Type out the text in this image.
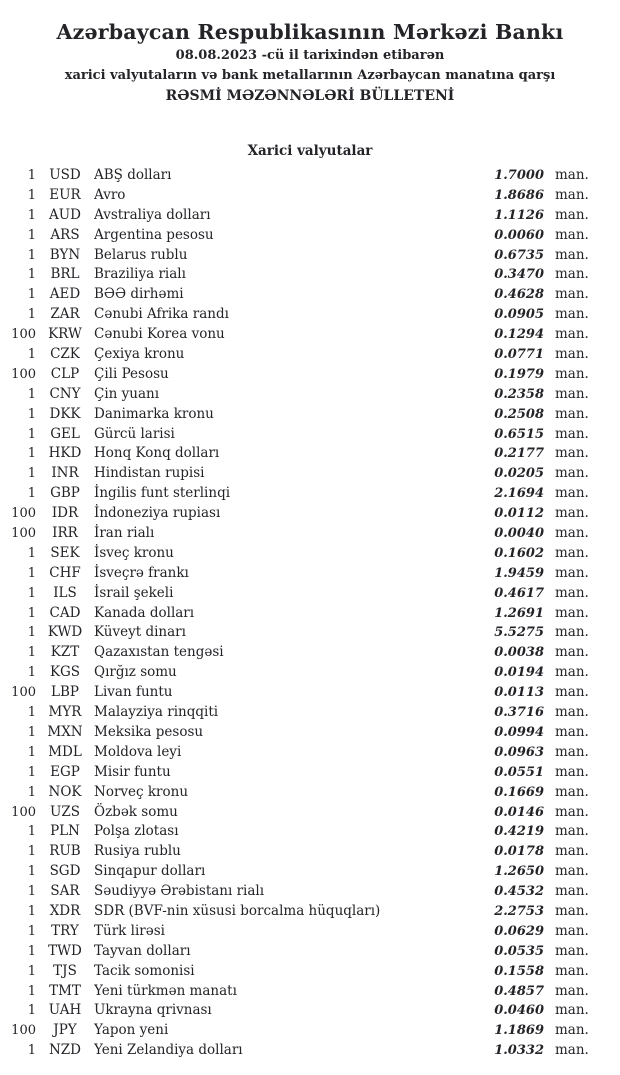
Azərbaycan Respublikasının Mərkəzi Bankı

08.08.2023 -cü il tarixindən etibarən

xarici valyutaların və bank metallarının Azərbaycan manatına qarşı

RƏSMİ MƏZƏNNƏLƏRİ BÜLLETENİ

Xarici valyutalar
1 USD ABŞ dolları	1.7000 man.
1 EUR Avro	1.8686 man.
1 AUD Avstraliya dolları	1.1126 man.
1	ARS	Argentina pesosu	0.0060 man.
1	BYN	Belarus rublu	0.6735 man.
1	BRL	Braziliya rialı	0.3470 man.
1	AED	BƏƏ dirhəmi	0.4628 man.
1	ZAR	Cənubi Afrika randı	0.0905 man.
100 KRW Cənubi Korea vonu	0.1294 man.
1	CZK	Çexiya kronu	0.0771 man.
100	CLP	Çili Pesosu	0.1979 man.
1 CNY Çin yuanı	0.2358 man.
1	DKK	Danimarka kronu	0.2508 man.
1	GEL	Gürcü larisi	0.6515 man.
1 HKD Honq Konq dolları	0.2177 man.
1	INR	Hindistan rupisi	0.0205 man.
1	GBP	İngilis funt sterlinqi	2.1694 man.
100	IDR	İndoneziya rupiası	0.0112 man.
100	IRR	İran rialı	0.0040 man.
1	SEK	İsveç kronu	0.1602 man.
1 CHF İsveçrə frankı	1.9459 man.
1	ILS	İsrail şekeli	0.4617 man.
1	CAD	Kanada dolları	1.2691 man.
1 KWD Küveyt dinarı	5.5275 man.
1	KZT	Qazaxıstan tengəsi	0.0038 man.
1	KGS	Qırğız somu	0.0194 man.
100	LBP	Livan funtu	0.0113 man.
1 MYR Malayziya rinqqiti	0.3716 man.
1 MXN Meksika pesosu	0.0994 man.
1 MDL Moldova leyi	0.0963 man.
1	EGP	Misir funtu	0.0551 man.
1 NOK Norveç kronu	0.1669 man.
100	UZS	Özbək somu	0.0146 man.
1	PLN	Polşa zlotası	0.4219 man.
1 RUB Rusiya rublu	0.0178 man.
1	SGD	Sinqapur dolları	1.2650 man.
1	SAR	Səudiyyə Ərəbistanı rialı	0.4532 man.
1	XDR	SDR (BVF-nin xüsusi borcalma hüquqları)	2.2753 man.
1	TRY	Türk lirəsi	0.0629 man.
1 TWD Tayvan dolları	0.0535 man.
1	TJS	Tacik somonisi	0.1558 man.
1 TMT Yeni türkmən manatı	0.4857 man.
1 UAH Ukrayna qrivnası	0.0460 man.
100	JPY	Yapon yeni	1.1869 man.
1 NZD Yeni Zelandiya dolları	1.0332 man.
